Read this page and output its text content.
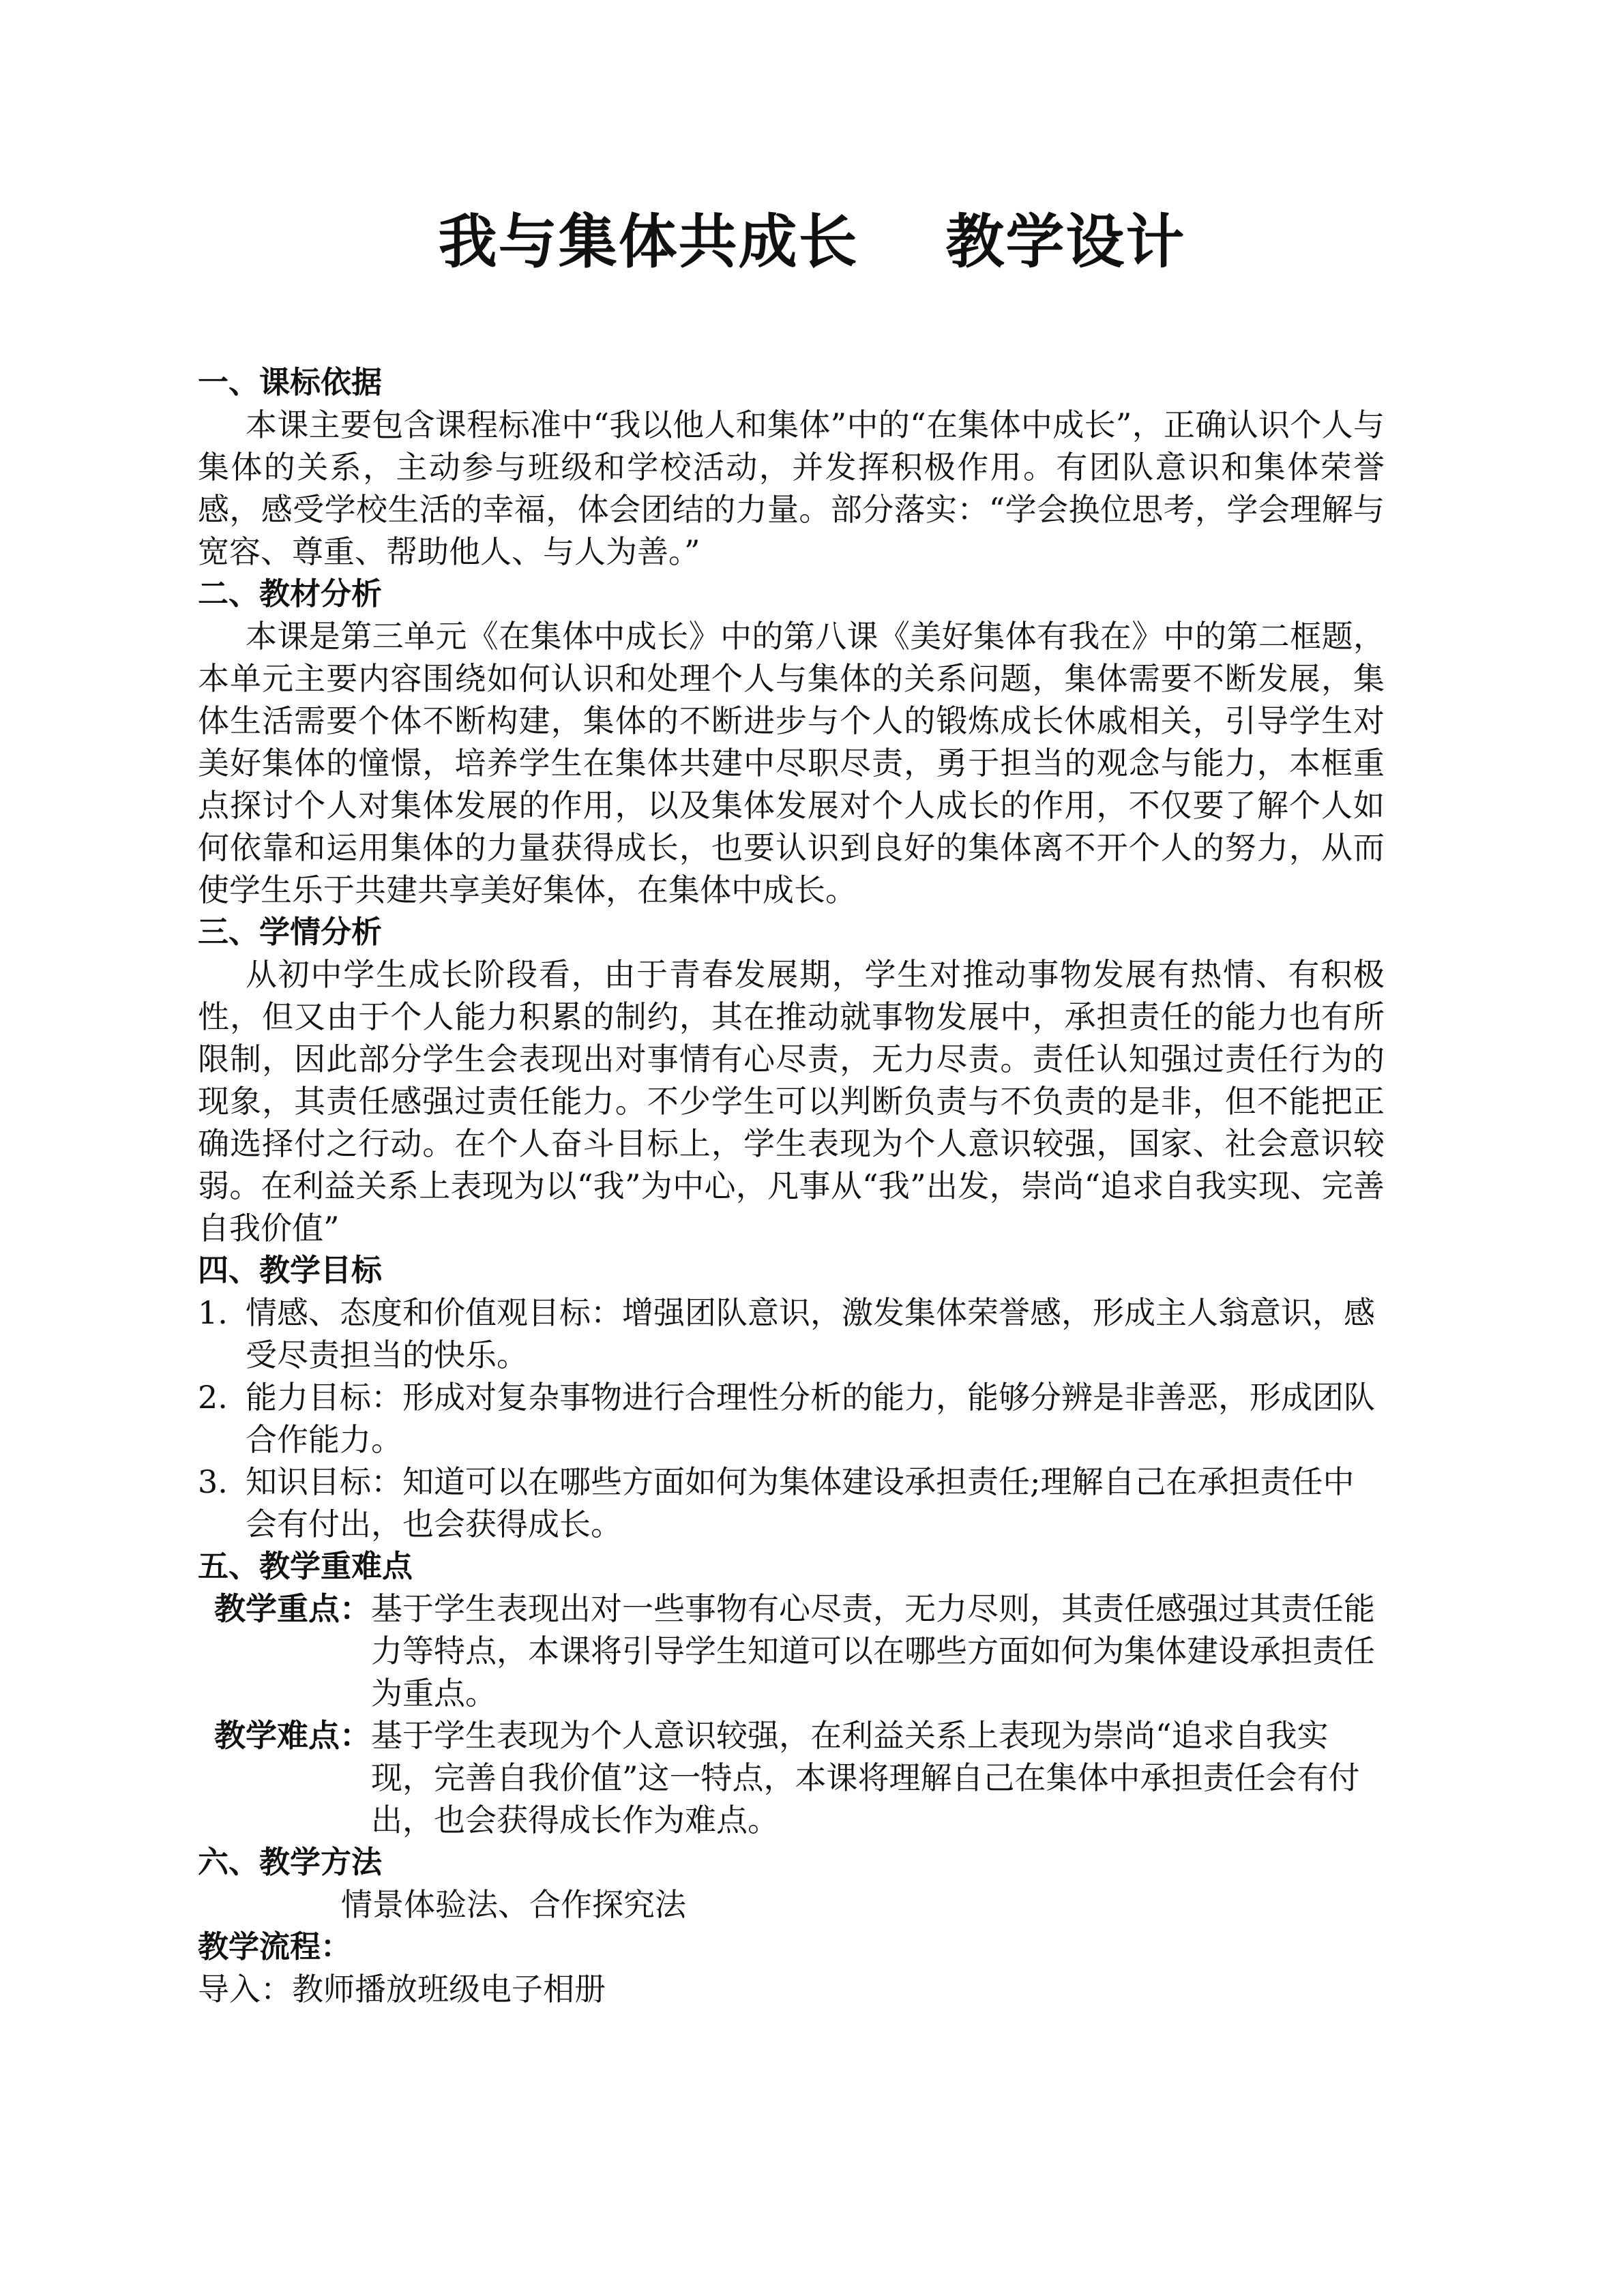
我与集体共成长    教学设计
一、课标依据
本课主要包含课程标准中“我以他人和集体”中的“在集体中成长”，正确认识个人与集体的关系，主动参与班级和学校活动，并发挥积极作用。有团队意识和集体荣誉感，感受学校生活的幸福，体会团结的力量。部分落实：“学会换位思考，学会理解与宽容、尊重、帮助他人、与人为善。”
二、教材分析
本课是第三单元《在集体中成长》中的第八课《美好集体有我在》中的第二框题，本单元主要内容围绕如何认识和处理个人与集体的关系问题，集体需要不断发展，集体生活需要个体不断构建，集体的不断进步与个人的锻炼成长休戚相关，引导学生对美好集体的憧憬，培养学生在集体共建中尽职尽责，勇于担当的观念与能力，本框重点探讨个人对集体发展的作用，以及集体发展对个人成长的作用，不仅要了解个人如何依靠和运用集体的力量获得成长，也要认识到良好的集体离不开个人的努力，从而使学生乐于共建共享美好集体，在集体中成长。
三、学情分析
从初中学生成长阶段看，由于青春发展期，学生对推动事物发展有热情、有积极性，但又由于个人能力积累的制约，其在推动就事物发展中，承担责任的能力也有所限制，因此部分学生会表现出对事情有心尽责，无力尽责。责任认知强过责任行为的现象，其责任感强过责任能力。不少学生可以判断负责与不负责的是非，但不能把正确选择付之行动。在个人奋斗目标上，学生表现为个人意识较强，国家、社会意识较弱。在利益关系上表现为以“我”为中心，凡事从“我”出发，崇尚“追求自我实现、完善自我价值”
四、教学目标
1. 情感、态度和价值观目标：增强团队意识，激发集体荣誉感，形成主人翁意识，感受尽责担当的快乐。
2. 能力目标：形成对复杂事物进行合理性分析的能力，能够分辨是非善恶，形成团队合作能力。
3. 知识目标：知道可以在哪些方面如何为集体建设承担责任;理解自己在承担责任中会有付出，也会获得成长。
五、教学重难点
教学重点： 基于学生表现出对一些事物有心尽责，无力尽则，其责任感强过其责任能力等特点，本课将引导学生知道可以在哪些方面如何为集体建设承担责任为重点。
教学难点： 基于学生表现为个人意识较强，在利益关系上表现为崇尚“追求自我实现，完善自我价值”这一特点，本课将理解自己在集体中承担责任会有付出，也会获得成长作为难点。
六、教学方法
情景体验法、合作探究法
教学流程：
导入：教师播放班级电子相册
